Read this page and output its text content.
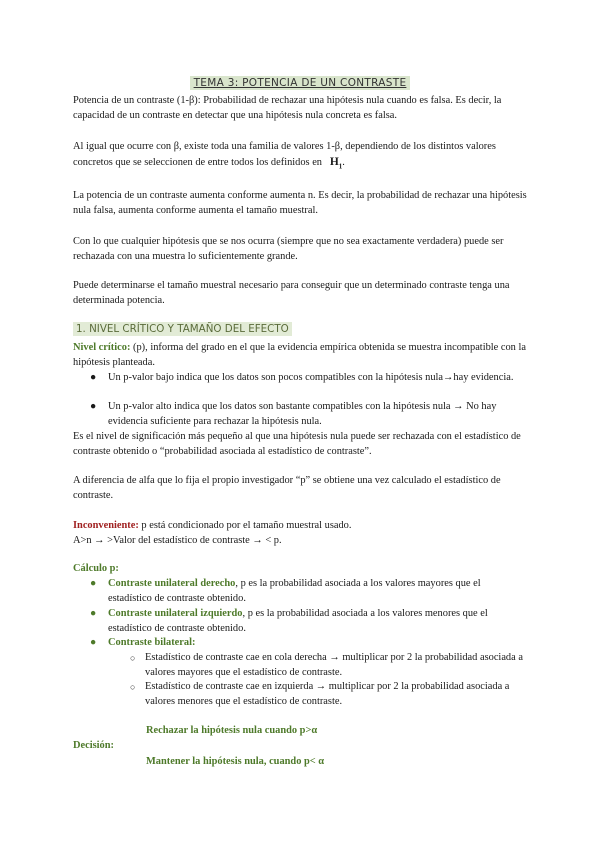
TEMA 3: POTENCIA DE UN CONTRASTE

Potencia de un contraste (1-β): Probabilidad de rechazar una hipótesis nula cuando es falsa. Es decir, la capacidad de un contraste en detectar que una hipótesis nula concreta es falsa.

Al igual que ocurre con β, existe toda una familia de valores 1-β, dependiendo de los distintos valores concretos que se seleccionen de entre todos los definidos en $H_1$.

La potencia de un contraste aumenta conforme aumenta n. Es decir, la probabilidad de rechazar una hipótesis nula falsa, aumenta conforme aumenta el tamaño muestral.

Con lo que cualquier hipótesis que se nos ocurra (siempre que no sea exactamente verdadera) puede ser rechazada con una muestra lo suficientemente grande.

Puede determinarse el tamaño muestral necesario para conseguir que un determinado contraste tenga una determinada potencia.

1. NIVEL CRÍTICO Y TAMAÑO DEL EFECTO

Nivel crítico: (p), informa del grado en el que la evidencia empírica obtenida se muestra incompatible con la hipótesis planteada.

● Un p-valor bajo indica que los datos son pocos compatibles con la hipótesis nula→hay evidencia.

● Un p-valor alto indica que los datos son bastante compatibles con la hipótesis nula → No hay evidencia suficiente para rechazar la hipótesis nula.

Es el nivel de significación más pequeño al que una hipótesis nula puede ser rechazada con el estadístico de contraste obtenido o “probabilidad asociada al estadístico de contraste”.

A diferencia de alfa que lo fija el propio investigador “p” se obtiene una vez calculado el estadístico de contraste.

Inconveniente: p está condicionado por el tamaño muestral usado.
A>n → >Valor del estadístico de contraste → < p.

Cálculo p:

● Contraste unilateral derecho, p es la probabilidad asociada a los valores mayores que el estadístico de contraste obtenido.

● Contraste unilateral izquierdo, p es la probabilidad asociada a los valores menores que el estadístico de contraste obtenido.

● Contraste bilateral:

○ Estadístico de contraste cae en cola derecha → multiplicar por 2 la probabilidad asociada a valores mayores que el estadístico de contraste.

○ Estadístico de contraste cae en izquierda → multiplicar por 2 la probabilidad asociada a valores menores que el estadístico de contraste.

Rechazar la hipótesis nula cuando p>α

Decisión:

Mantener la hipótesis nula, cuando p< α
